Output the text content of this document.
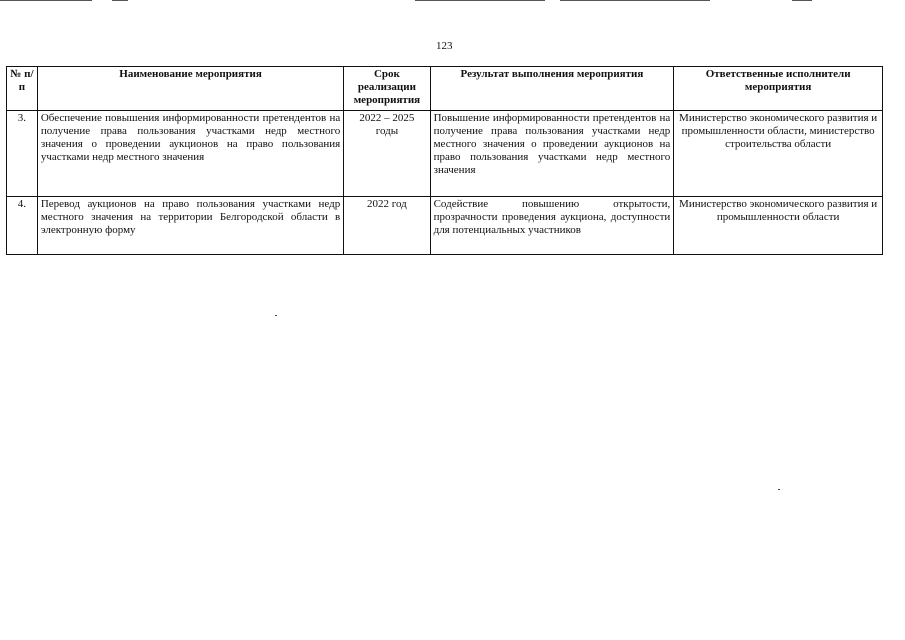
123
№ п/п	Наименование мероприятия	Срок реализации мероприятия	Результат выполнения мероприятия	Ответственные исполнители мероприятия
3.	Обеспечение повышения информированности претендентов на получение права пользования участками недр местного значения о проведении аукционов на право пользования участками недр местного значения	2022 – 2025 годы	Повышение информированности претендентов на получение права пользования участками недр местного значения о проведении аукционов на право пользования участками недр местного значения	Министерство экономического развития и промышленности области, министерство строительства области
4.	Перевод аукционов на право пользования участками недр местного значения на территории Белгородской области в электронную форму	2022 год	Содействие повышению открытости, прозрачности проведения аукциона, доступности для потенциальных участников	Министерство экономического развития и промышленности области
